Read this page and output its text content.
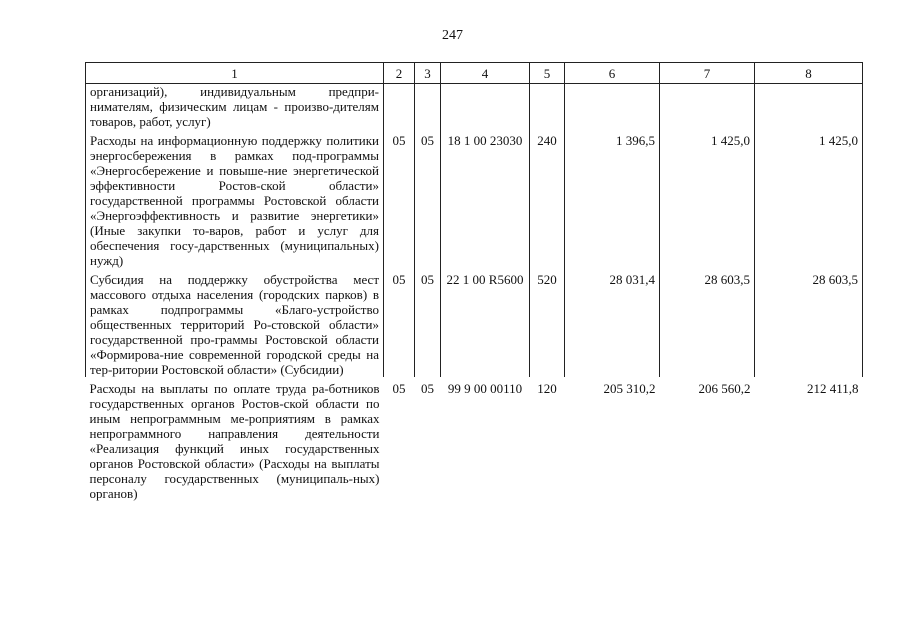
247
1	2	3	4	5	6	7	8
организаций), индивидуальным предпри-нимателям, физическим лицам - произво-дителям товаров, работ, услуг)							
Расходы на информационную поддержку политики энергосбережения в рамках под-программы «Энергосбережение и повыше-ние энергетической эффективности Ростов-ской области» государственной программы Ростовской области «Энергоэффективность и развитие энергетики» (Иные закупки то-варов, работ и услуг для обеспечения госу-дарственных (муниципальных) нужд)	05	05	18 1 00 23030	240	1 396,5	1 425,0	1 425,0
Субсидия на поддержку обустройства мест массового отдыха населения (городских парков) в рамках подпрограммы «Благо-устройство общественных территорий Ро-стовской области» государственной про-граммы Ростовской области «Формирова-ние современной городской среды на тер-ритории Ростовской области» (Субсидии)	05	05	22 1 00 R5600	520	28 031,4	28 603,5	28 603,5
Расходы на выплаты по оплате труда ра-ботников государственных органов Ростов-ской области по иным непрограммным ме-роприятиям в рамках непрограммного направления деятельности «Реализация функций иных государственных органов Ростовской области» (Расходы на выплаты персоналу государственных (муниципаль-ных) органов)	05	05	99 9 00 00110	120	205 310,2	206 560,2	212 411,8
